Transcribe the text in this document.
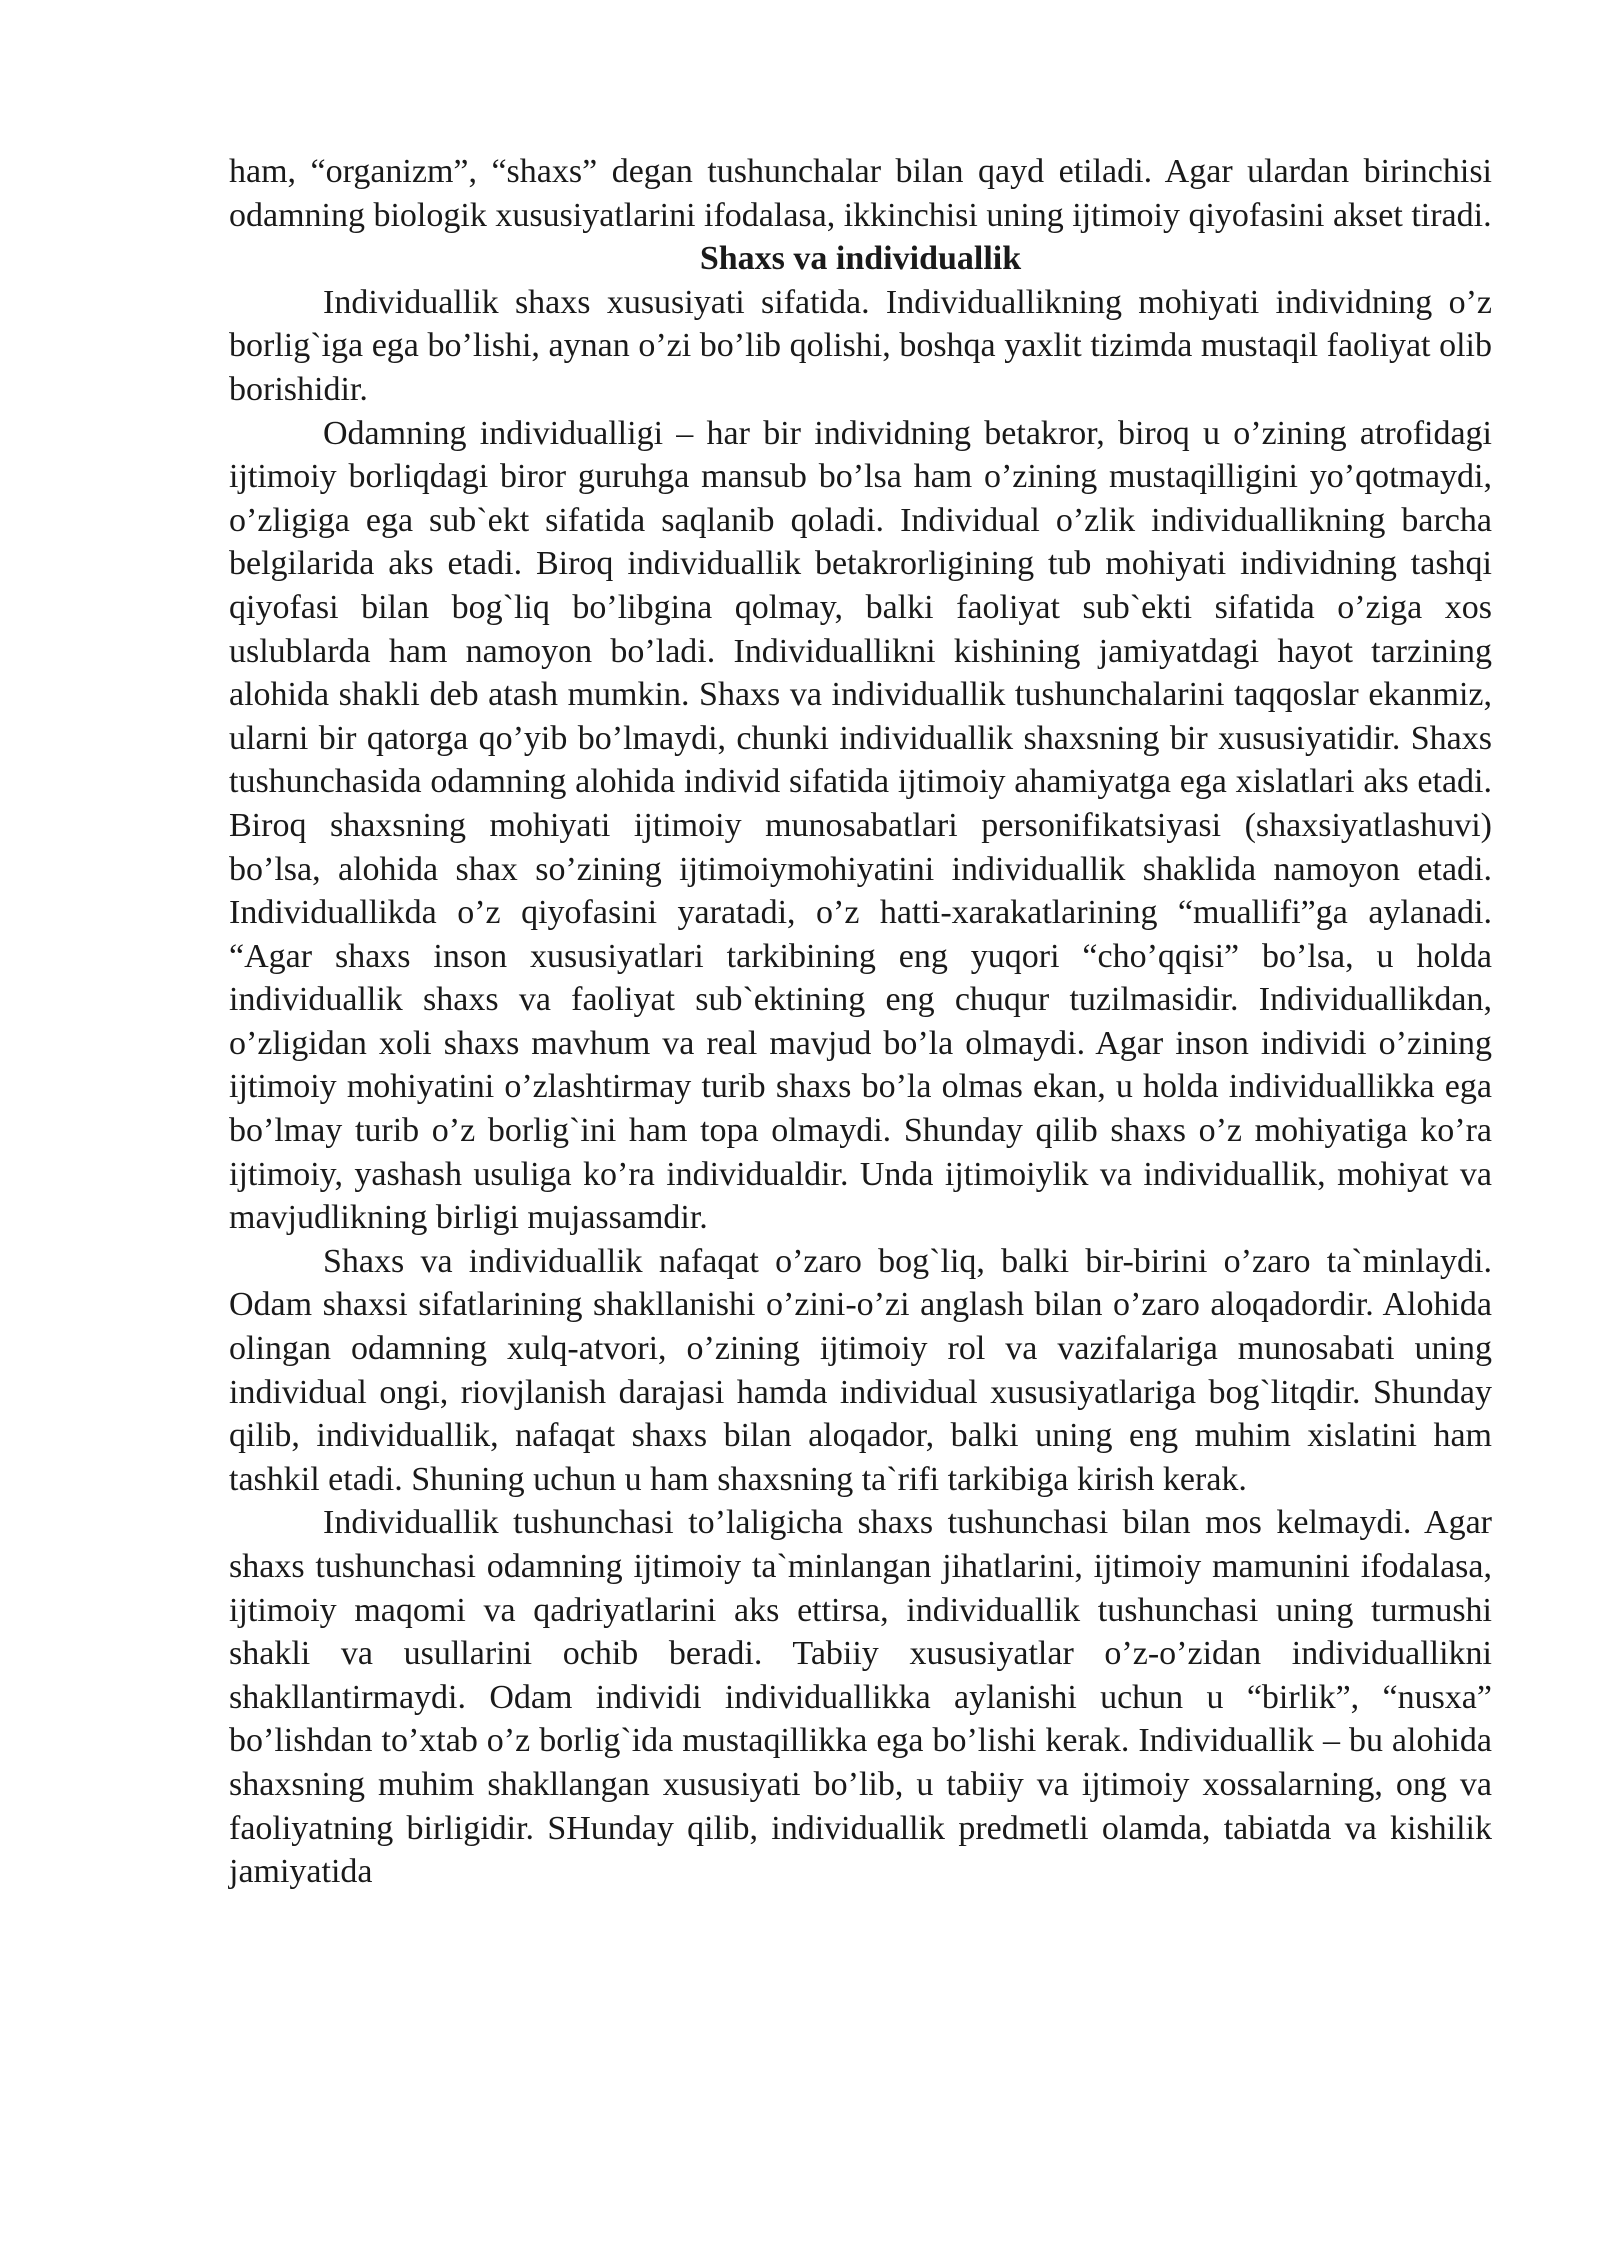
ham, “organizm”, “shaxs” degan tushunchalar bilan qayd etiladi. Agar ulardan birinchisi odamning biologik xususiyatlarini ifodalasa, ikkinchisi uning ijtimoiy qiyofasini akset tiradi.

Shaxs va individuallik

Individuallik shaxs xususiyati sifatida. Individuallikning mohiyati individning o’z borlig`iga ega bo’lishi, aynan o’zi bo’lib qolishi, boshqa yaxlit tizimda mustaqil faoliyat olib borishidir.

Odamning individualligi – har bir individning betakror, biroq u o’zining atrofidagi ijtimoiy borliqdagi biror guruhga mansub bo’lsa ham o’zining mustaqilligini yo’qotmaydi, o’zligiga ega sub`ekt sifatida saqlanib qoladi. Individual o’zlik individuallikning barcha belgilarida aks etadi. Biroq individuallik betakrorligining tub mohiyati individning tashqi qiyofasi bilan bog`liq bo’libgina qolmay, balki faoliyat sub`ekti sifatida o’ziga xos uslublarda ham namoyon bo’ladi. Individuallikni kishining jamiyatdagi hayot tarzining alohida shakli deb atash mumkin. Shaxs va individuallik tushunchalarini taqqoslar ekanmiz, ularni bir qatorga qo’yib bo’lmaydi, chunki individuallik shaxsning bir xususiyatidir. Shaxs tushunchasida odamning alohida individ sifatida ijtimoiy ahamiyatga ega xislatlari aks etadi. Biroq shaxsning mohiyati ijtimoiy munosabatlari personifikatsiyasi (shaxsiyatlashuvi) bo’lsa, alohida shax so’zining ijtimoiymohiyatini individuallik shaklida namoyon etadi. Individuallikda o’z qiyofasini yaratadi, o’z hatti-xarakatlarining “muallifi”ga aylanadi. “Agar shaxs inson xususiyatlari tarkibining eng yuqori “cho’qqisi” bo’lsa, u holda individuallik shaxs va faoliyat sub`ektining eng chuqur tuzilmasidir. Individuallikdan, o’zligidan xoli shaxs mavhum va real mavjud bo’la olmaydi. Agar inson individi o’zining ijtimoiy mohiyatini o’zlashtirmay turib shaxs bo’la olmas ekan, u holda individuallikka ega bo’lmay turib o’z borlig`ini ham topa olmaydi. Shunday qilib shaxs o’z mohiyatiga ko’ra ijtimoiy, yashash usuliga ko’ra individualdir. Unda ijtimoiylik va individuallik, mohiyat va mavjudlikning birligi mujassamdir.

Shaxs va individuallik nafaqat o’zaro bog`liq, balki bir-birini o’zaro ta`minlaydi. Odam shaxsi sifatlarining shakllanishi o’zini-o’zi anglash bilan o’zaro aloqadordir. Alohida olingan odamning xulq-atvori, o’zining ijtimoiy rol va vazifalariga munosabati uning individual ongi, riovjlanish darajasi hamda individual xususiyatlariga bog`litqdir. Shunday qilib, individuallik, nafaqat shaxs bilan aloqador, balki uning eng muhim xislatini ham tashkil etadi. Shuning uchun u ham shaxsning ta`rifi tarkibiga kirish kerak.

Individuallik tushunchasi to’laligicha shaxs tushunchasi bilan mos kelmaydi. Agar shaxs tushunchasi odamning ijtimoiy ta`minlangan jihatlarini, ijtimoiy mamunini ifodalasa, ijtimoiy maqomi va qadriyatlarini aks ettirsa, individuallik tushunchasi uning turmushi shakli va usullarini ochib beradi. Tabiiy xususiyatlar o’z-o’zidan individuallikni shakllantirmaydi. Odam individi individuallikka aylanishi uchun u “birlik”, “nusxa” bo’lishdan to’xtab o’z borlig`ida mustaqillikka ega bo’lishi kerak. Individuallik – bu alohida shaxsning muhim shakllangan xususiyati bo’lib, u tabiiy va ijtimoiy xossalarning, ong va faoliyatning birligidir. SHunday qilib, individuallik predmetli olamda, tabiatda va kishilik jamiyatida
